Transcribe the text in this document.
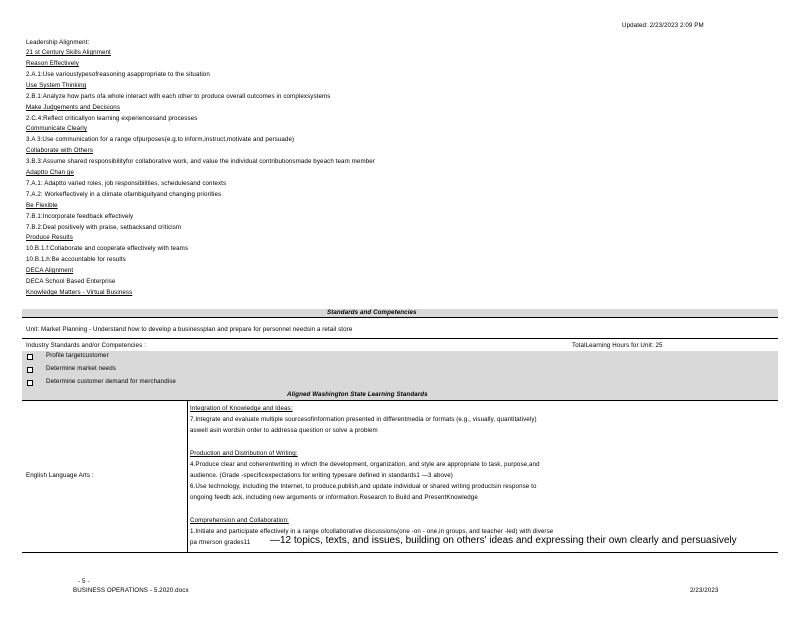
Updated: 2/23/2023 2:09 PM
Leadership Alignment:
21 st Century Skills Alignment
Reason Effectively
2.A.1:Use varioustypesofreasoning asappropriate to the situation
Use System Thinking
2.B.1:Analyze how parts ofa whole interact with each other to produce overall outcomes in complexsystems
Make Judgements and Decisions
2.C.4:Reflect criticallyon learning experiencesand processes
Communicate Clearly
3.A 3:Use communication for a range ofpurposes(e.g.to inform,instruct,motivate and persuade)
Collaborate with Others
3.B.3:Assume shared responsibilityfor collaborative work, and value the individual contributionsmade byeach team member
Adaptto Chan ge
7.A.1: Adaptto varied roles, job responsibilities, schedulesand contexts
7.A.2: Workeffectively in a climate ofambiguityand changing priorities
Be Flexible
7.B.1:Incorporate feedback effectively
7.B.2:Deal positively with praise, setbacksand criticism
Produce Results
10.B.1.f:Collaborate and cooperate effectively with teams
10.B.1.h:Be accountable for results
DECA Alignment
DECA School Based Enterprise
Knowledge Matters - Virtual Business
Standards and Competencies
Unit: Market Planning - Understand how to develop a businessplan and prepare for personnel needsin a retail store
Industry Standards and/or Competencies :	TotalLearning Hours for Unit: 25
Profile targetcustomer
Determine market needs
Determine customer demand for merchandise
Aligned Washington State Learning Standards
English Language Arts :
Integration of Knowledge and Ideas:
7.Integrate and evaluate multiple sourcesofinformation presented in differentmedia or formats (e.g., visually, quantitatively)
aswell asin wordsin order to addressa question or solve a problem
Production and Distribution of Writing:
4.Produce clear and coherentwriting in which the development, organization, and style are appropriate to task, purpose,and
audience. (Grade -specificexpectations for writing typesare defined in standards1 —3 above)
6.Use technology, including the Internet, to produce,publish,and update individual or shared writing productsin response to
ongoing feedb ack, including new arguments or information.Research to Build and PresentKnowledge
Comprehension and Collaboration:
1.Initiate and participate effectively in a range ofcollaborative discussions(one -on - one,in groups, and teacher -led) with diverse
pa rtnerson grades11 —12 topics, texts, and issues, building on others' ideas and expressing their own clearly and persuasively
- 5 -
BUSINESS OPERATIONS - 5.2020.docx	2/23/2023
